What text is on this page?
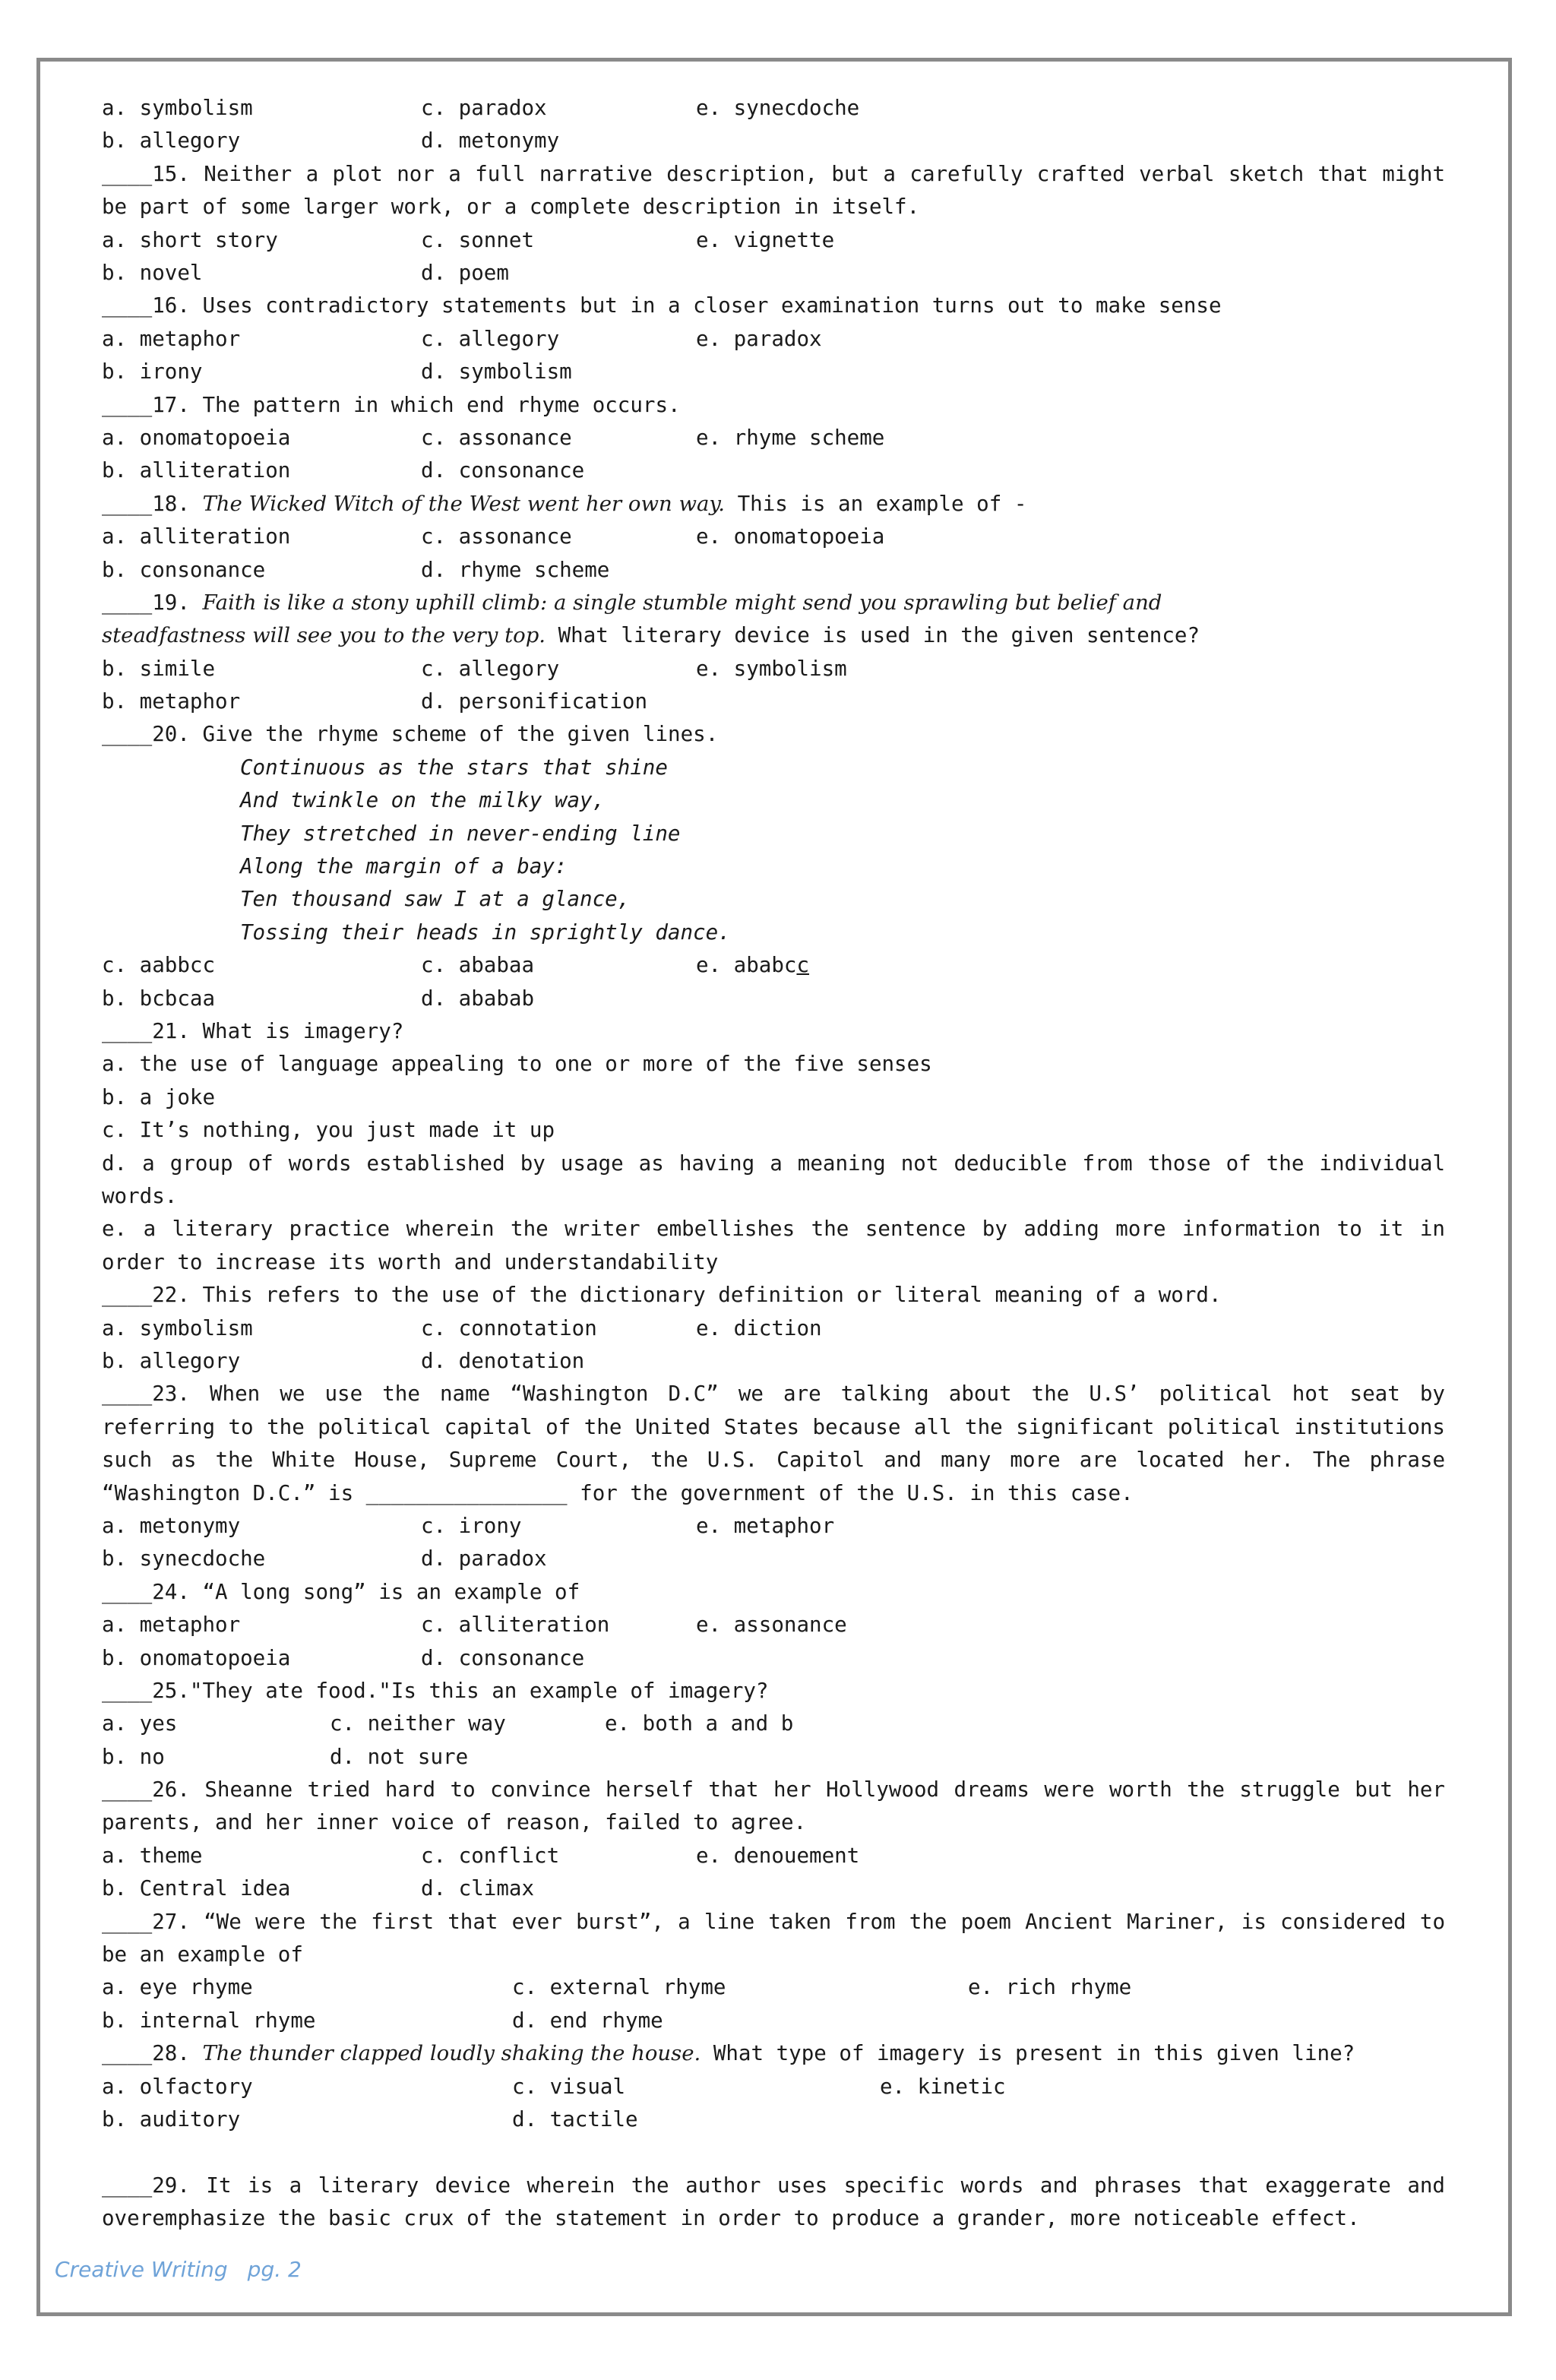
a. symbolism	c. paradox	e. synecdoche
b. allegory	d. metonymy
____15. Neither a plot nor a full narrative description, but a carefully crafted verbal sketch that might be part of some larger work, or a complete description in itself.
a. short story	c. sonnet	e. vignette
b. novel	d. poem
____16. Uses contradictory statements but in a closer examination turns out to make sense
a. metaphor	c. allegory	e. paradox
b. irony	d. symbolism
____17. The pattern in which end rhyme occurs.
a. onomatopoeia	c. assonance	e. rhyme scheme
b. alliteration	d. consonance
____18. The Wicked Witch of the West went her own way. This is an example of -
a. alliteration	c. assonance	e. onomatopoeia
b. consonance	d. rhyme scheme
____19. Faith is like a stony uphill climb: a single stumble might send you sprawling but belief and
steadfastness will see you to the very top. What literary device is used in the given sentence?
b. simile	c. allegory	e. symbolism
b. metaphor	d. personification
____20. Give the rhyme scheme of the given lines.
Continuous as the stars that shine
And twinkle on the milky way,
They stretched in never-ending line
Along the margin of a bay:
Ten thousand saw I at a glance,
Tossing their heads in sprightly dance.
c. aabbcc	c. ababaa	e. ababcc
b. bcbcaa	d. ababab
____21. What is imagery?
a. the use of language appealing to one or more of the five senses
b. a joke
c. It’s nothing, you just made it up
d. a group of words established by usage as having a meaning not deducible from those of the individual words.
e. a literary practice wherein the writer embellishes the sentence by adding more information to it in order to increase its worth and understandability
____22. This refers to the use of the dictionary definition or literal meaning of a word.
a. symbolism	c. connotation	e. diction
b. allegory	d. denotation
____23. When we use the name “Washington D.C” we are talking about the U.S’ political hot seat by referring to the political capital of the United States because all the significant political institutions such as the White House, Supreme Court, the U.S. Capitol and many more are located her. The phrase “Washington D.C.” is ________________ for the government of the U.S. in this case.
a. metonymy	c. irony	e. metaphor
b. synecdoche	d. paradox
____24. “A long song” is an example of
a. metaphor	c. alliteration	e. assonance
b. onomatopoeia	d. consonance
____25."They ate food."Is this an example of imagery?
a. yes	c. neither way	e. both a and b
b. no	d. not sure
____26. Sheanne tried hard to convince herself that her Hollywood dreams were worth the struggle but her parents, and her inner voice of reason, failed to agree.
a. theme	c. conflict	e. denouement
b. Central idea	d. climax
____27. “We were the first that ever burst”, a line taken from the poem Ancient Mariner, is considered to be an example of
a. eye rhyme	c. external rhyme	e. rich rhyme
b. internal rhyme	d. end rhyme
____28. The thunder clapped loudly shaking the house. What type of imagery is present in this given line?
a. olfactory	c. visual	e. kinetic
b. auditory	d. tactile
____29. It is a literary device wherein the author uses specific words and phrases that exaggerate and overemphasize the basic crux of the statement in order to produce a grander, more noticeable effect.
Creative Writing pg. 2
